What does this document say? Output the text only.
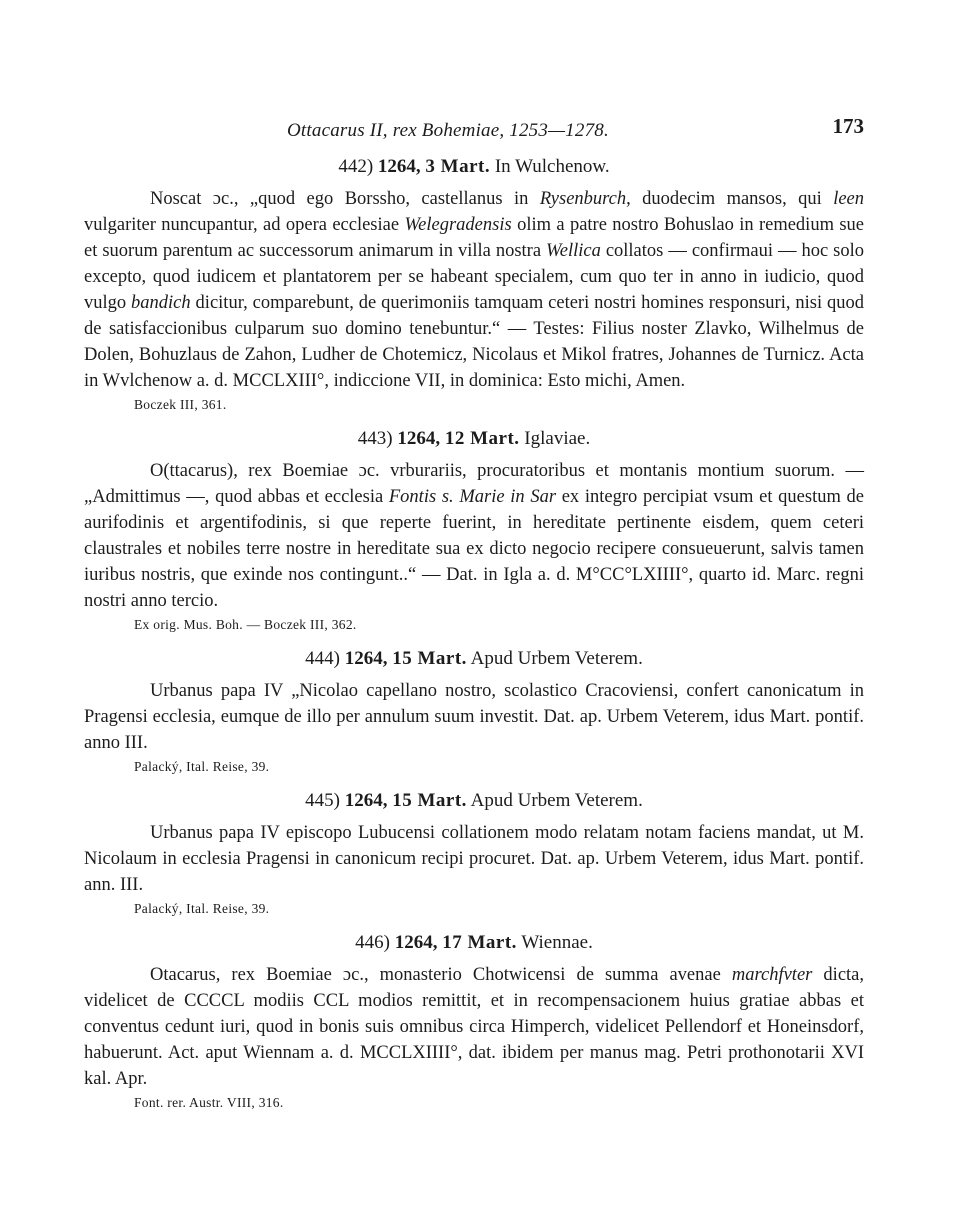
Ottacarus II, rex Bohemiae, 1253—1278.	173
442) 1264, 3 Mart. In Wulchenow.

Noscat ɔc., „quod ego Borssho, castellanus in Rysenburch, duodecim mansos, qui leen vulgariter nuncupantur, ad opera ecclesiae Welegradensis olim a patre nostro Bohuslao in remedium sue et suorum parentum ac successorum animarum in villa nostra Wellica collatos — confirmaui — hoc solo excepto, quod iudicem et plantatorem per se habeant specialem, cum quo ter in anno in iudicio, quod vulgo bandich dicitur, comparebunt, de querimoniis tamquam ceteri nostri homines responsuri, nisi quod de satisfaccionibus culparum suo domino tenebuntur.“ — Testes: Filius noster Zlavko, Wilhelmus de Dolen, Bohuzlaus de Zahon, Ludher de Chotemicz, Nicolaus et Mikol fratres, Johannes de Turnicz. Acta in Wvlchenow a. d. MCCLXIII°, indiccione VII, in dominica: Esto michi, Amen.

Boczek III, 361.
443) 1264, 12 Mart. Iglaviae.

O(ttacarus), rex Boemiae ɔc. vrburariis, procuratoribus et montanis montium suorum. — „Admittimus —, quod abbas et ecclesia Fontis s. Marie in Sar ex integro percipiat vsum et questum de aurifodinis et argentifodinis, si que reperte fuerint, in hereditate pertinente eisdem, quem ceteri claustrales et nobiles terre nostre in hereditate sua ex dicto negocio recipere consueuerunt, salvis tamen iuribus nostris, que exinde nos contingunt..“ — Dat. in Igla a. d. M°CC°LXIIII°, quarto id. Marc. regni nostri anno tercio.

Ex orig. Mus. Boh. — Boczek III, 362.
444) 1264, 15 Mart. Apud Urbem Veterem.

Urbanus papa IV „Nicolao capellano nostro, scolastico Cracoviensi, confert canonicatum in Pragensi ecclesia, eumque de illo per annulum suum investit. Dat. ap. Urbem Veterem, idus Mart. pontif. anno III.

Palacký, Ital. Reise, 39.
445) 1264, 15 Mart. Apud Urbem Veterem.

Urbanus papa IV episcopo Lubucensi collationem modo relatam notam faciens mandat, ut M. Nicolaum in ecclesia Pragensi in canonicum recipi procuret. Dat. ap. Urbem Veterem, idus Mart. pontif. ann. III.

Palacký, Ital. Reise, 39.
446) 1264, 17 Mart. Wiennae.

Otacarus, rex Boemiae ɔc., monasterio Chotwicensi de summa avenae marchfvter dicta, videlicet de CCCCL modiis CCL modios remittit, et in recompensacionem huius gratiae abbas et conventus cedunt iuri, quod in bonis suis omnibus circa Himperch, videlicet Pellendorf et Honeinsdorf, habuerunt. Act. aput Wiennam a. d. MCCLXIIII°, dat. ibidem per manus mag. Petri prothonotarii XVI kal. Apr.

Font. rer. Austr. VIII, 316.
